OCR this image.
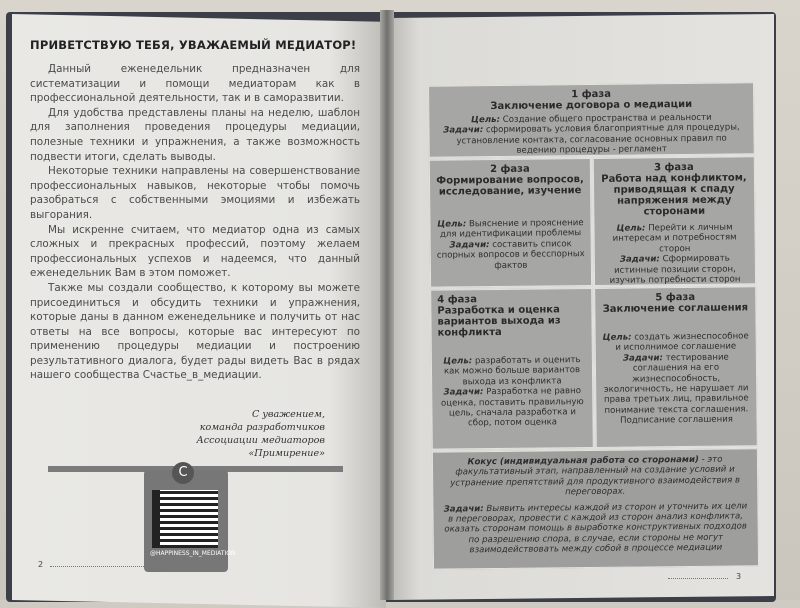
ПРИВЕТСТВУЮ ТЕБЯ, УВАЖАЕМЫЙ МЕДИАТОР!

Данный еженедельник предназначен для систематизации и помощи медиаторам как в профессиональной деятельности, так и в саморазвитии.

Для удобства представлены планы на неделю, шаблон для заполнения проведения процедуры медиации, полезные техники и упражнения, а также возможность подвести итоги, сделать выводы.

Некоторые техники направлены на совершенствование профессиональных навыков, некоторые чтобы помочь разобраться с собственными эмоциями и избежать выгорания.

Мы искренне считаем, что медиатор одна из самых сложных и прекрасных профессий, поэтому желаем профессиональных успехов и надеемся, что данный еженедельник Вам в этом поможет.

Также мы создали сообщество, к которому вы можете присоединиться и обсудить техники и упражнения, которые даны в данном еженедельнике и получить от нас ответы на все вопросы, которые вас интересуют по применению процедуры медиации и построению результативного диалога, будет рады видеть Вас в рядах нашего сообщества Счастье_в_медиации.

С уважением,
команда разработчиков
Ассоциации медиаторов «Примирение»
C
@HAPPINESS_IN_MEDIATION
2
1 фаза
Заключение договора о медиации
Цель: Создание общего пространства и реальности
Задачи: сформировать условия благоприятные для процедуры, установление контакта, согласование основных правил по ведению процедуры - регламент
2 фаза
Формирование вопросов, исследование, изучение
Цель: Выяснение и прояснение для идентификации проблемы
Задачи: составить список спорных вопросов и бесспорных фактов
3 фаза
Работа над конфликтом, приводящая к спаду напряжения между сторонами
Цель: Перейти к личным интересам и потребностям сторон
Задачи: Сформировать истинные позиции сторон, изучить потребности сторон
4 фаза
Разработка и оценка вариантов выхода из конфликта
Цель: разработать и оценить как можно больше вариантов выхода из конфликта
Задачи: Разработка не равно оценка, поставить правильную цель, сначала разработка и сбор, потом оценка
5 фаза
Заключение соглашения
Цель: создать жизнеспособное и исполнимое соглашение
Задачи: тестирование соглашения на его жизнеспособность, экологичность, не нарушает ли права третьих лиц, правильное понимание текста соглашения.
Подписание соглашения
Кокус (индивидуальная работа со сторонами) - это факультативный этап, направленный на создание условий и устранение препятствий для продуктивного взаимодействия в переговорах.
Задачи: Выявить интересы каждой из сторон и уточнить их цели в переговорах, провести с каждой из сторон анализ конфликта, оказать сторонам помощь в выработке конструктивных подходов по разрешению спора, в случае, если стороны не могут взаимодействовать между собой в процессе медиации
3
